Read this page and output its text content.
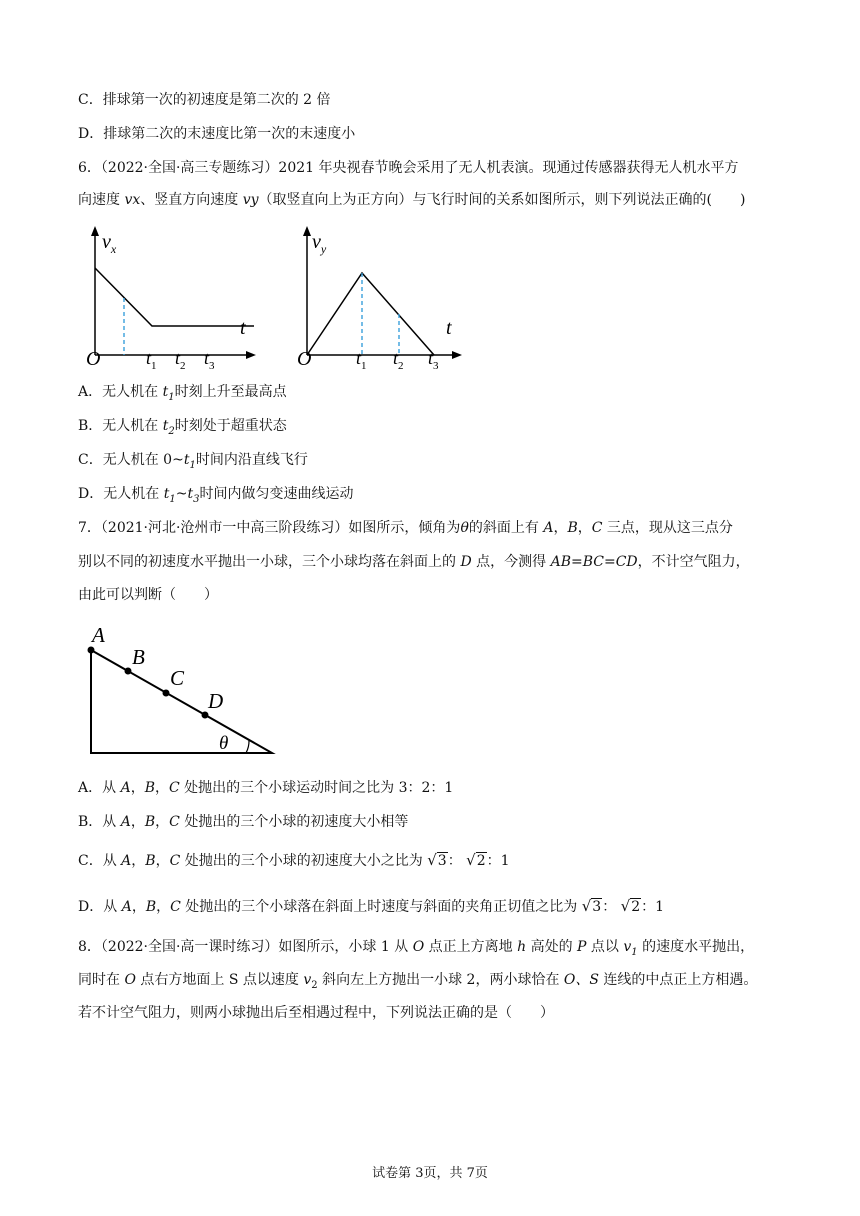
C．排球第一次的初速度是第二次的 2 倍
D．排球第二次的末速度比第一次的末速度小
6．（2022·全国·高三专题练习）2021 年央视春节晚会采用了无人机表演。现通过传感器获得无人机水平方
向速度 vx、竖直方向速度 vy（取竖直向上为正方向）与飞行时间的关系如图所示，则下列说法正确的(　　)
$v_x$
t
O	$t_1$ $t_2$ $t_3$
$v_y$
t
O $t_1$ $t_2$ $t_3$
A．无人机在 $t_1$时刻上升至最高点
B．无人机在 $t_2$时刻处于超重状态
C．无人机在 $0\sim t_1$时间内沿直线飞行
D．无人机在 $t_1\sim t_3$时间内做匀变速曲线运动
7．（2021·河北·沧州市一中高三阶段练习）如图所示，倾角为θ的斜面上有 A，B，C 三点，现从这三点分
别以不同的初速度水平抛出一小球，三个小球均落在斜面上的 D 点，今测得 AB=BC=CD，不计空气阻力，
由此可以判断（　　）
A
B
C
D
θ
A．从 A，B，C 处抛出的三个小球运动时间之比为 3：2：1
B．从 A，B，C 处抛出的三个小球的初速度大小相等
C．从 A，B，C 处抛出的三个小球的初速度大小之比为 √3： √2：1
D．从 A，B，C 处抛出的三个小球落在斜面上时速度与斜面的夹角正切值之比为 √3： √2：1
8．（2022·全国·高一课时练习）如图所示，小球 1 从 O 点正上方离地 h 高处的 P 点以 $v_1$ 的速度水平抛出，
同时在 O 点右方地面上 S 点以速度 $v_2$ 斜向左上方抛出一小球 2，两小球恰在 O、S 连线的中点正上方相遇。
若不计空气阻力，则两小球抛出后至相遇过程中，下列说法正确的是（　　）
试卷第 3页，共 7页
